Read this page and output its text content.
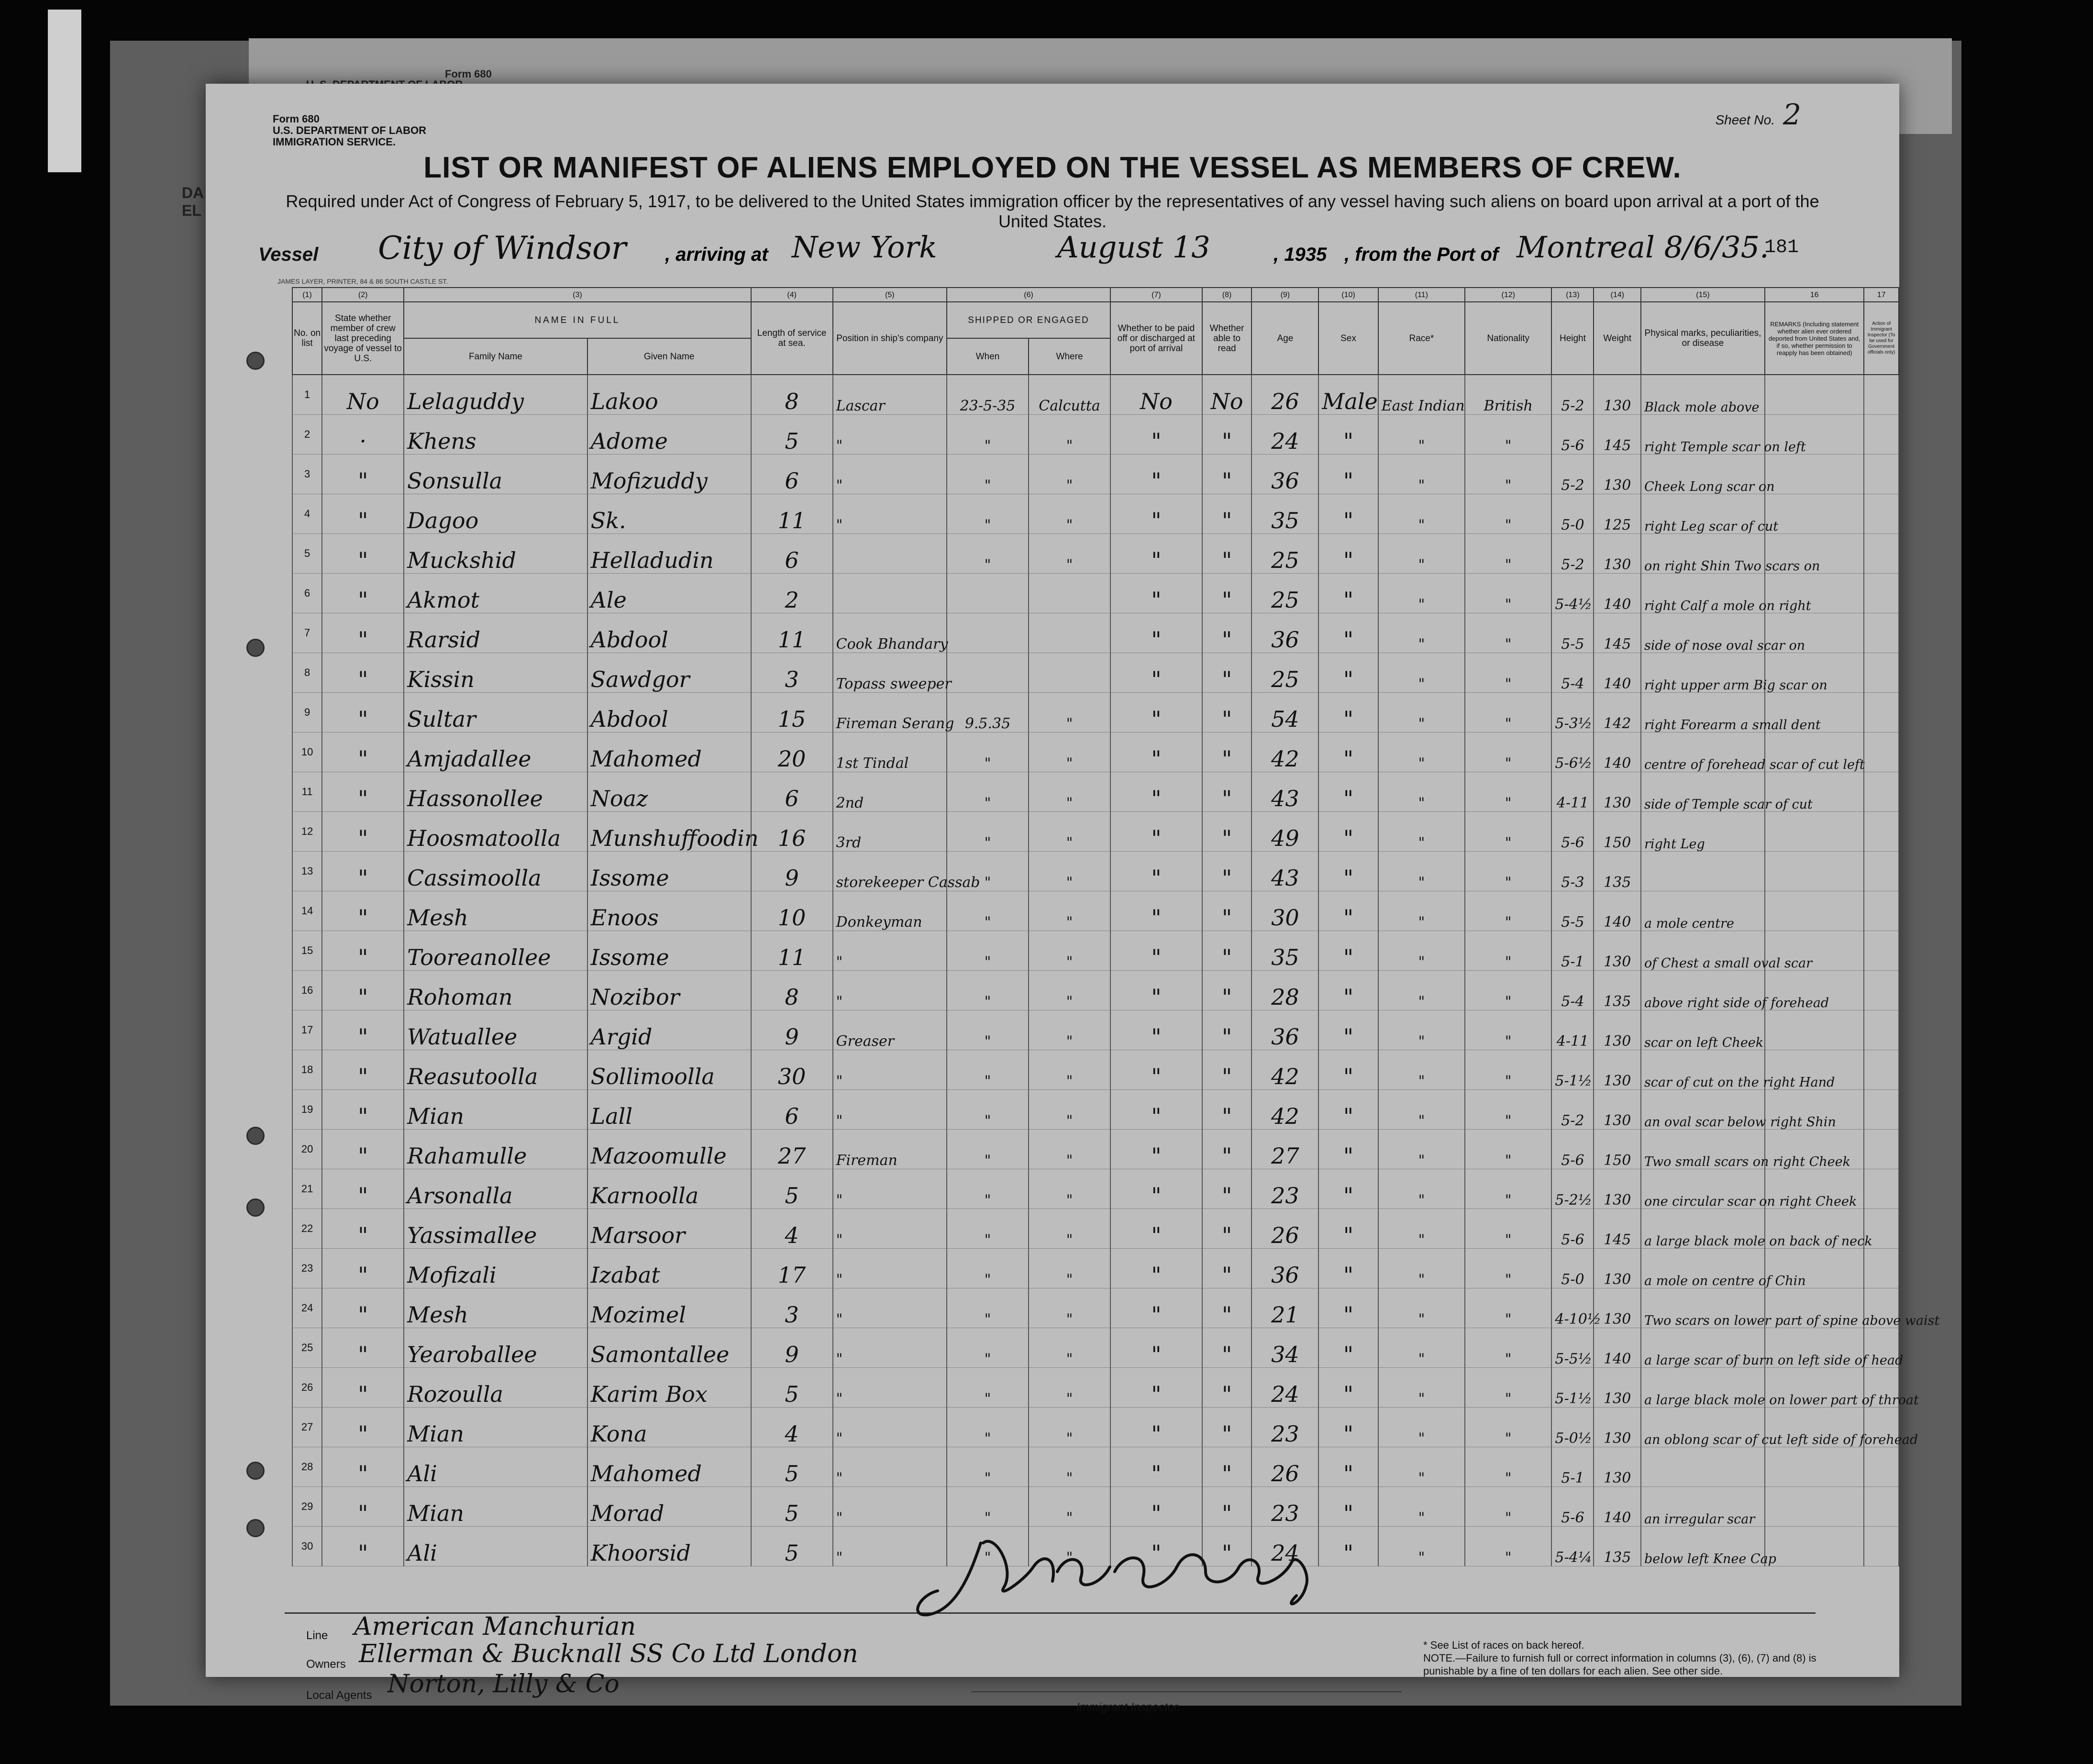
DA
EL
Form 680
Form 680
U.S. DEPARTMENT OF LABOR
IMMIGRATION SERVICE.
Sheet No. 2
LIST OR MANIFEST OF ALIENS EMPLOYED ON THE VESSEL AS MEMBERS OF CREW.
Required under Act of Congress of February 5, 1917, to be delivered to the United States immigration officer by the representatives of any vessel having such aliens on board upon arrival at a port of the United States.
Vessel City of Windsor , arriving at New York	August 13	, 1935 , from the Port of Montreal 8/6/35.
181
JAMES LAYER, PRINTER, 84 & 86 SOUTH CASTLE ST.
(1)	(2)	(3)		(4)	(5)	(6)		(7)	(8)	(9)	(10)	(11)	(12)	(13)	(14)	(15)	16	17
No. on list	State whether member of crew last preceding voyage of vessel to U.S.	NAME IN FULL		Length of service at sea.	Position in ship's company	SHIPPED OR ENGAGED		Whether to be paid off or discharged at port of arrival	Whether able to read	Age	Sex	Race*	Nationality	Height	Weight	Physical marks, peculiarities, or disease	REMARKS (Including statement whether alien ever ordered deported from United States and, if so, whether permission to reapply has been obtained)	Action of Immigrant Inspector (To be used for Government officials only)
		Family Name	Given Name			When	Where											
1	No	Lelaguddy	Lakoo	8	Lascar	23-5-35	Calcutta	No	No	26	Male	East Indian	British	5-2	130	Black mole above		
2	·	Khens	Adome	5	"	"	"	"	"	24	"	"	"	5-6	145	right Temple scar on left		
3	"	Sonsulla	Mofizuddy	6	"	"	"	"	"	36	"	"	"	5-2	130	Cheek Long scar on		
4	"	Dagoo	Sk.	11	"	"	"	"	"	35	"	"	"	5-0	125	right Leg scar of cut		
5	"	Muckshid	Helladudin	6		"	"	"	"	25	"	"	"	5-2	130	on right Shin Two scars on		
6	"	Akmot	Ale	2				"	"	25	"	"	"	5-4½	140	right Calf a mole on right		
7	"	Rarsid	Abdool	11	Cook Bhandary			"	"	36	"	"	"	5-5	145	side of nose oval scar on		
8	"	Kissin	Sawdgor	3	Topass sweeper			"	"	25	"	"	"	5-4	140	right upper arm Big scar on		
9	"	Sultar	Abdool	15	Fireman Serang	9.5.35	"	"	"	54	"	"	"	5-3½	142	right Forearm a small dent		
10	"	Amjadallee	Mahomed	20	1st Tindal	"	"	"	"	42	"	"	"	5-6½	140	centre of forehead scar of cut left		
11	"	Hassonollee	Noaz	6	2nd	"	"	"	"	43	"	"	"	4-11	130	side of Temple scar of cut		
12	"	Hoosmatoolla	Munshuffoodin	16	3rd	"	"	"	"	49	"	"	"	5-6	150	right Leg		
13	"	Cassimoolla	Issome	9	storekeeper Cassab	"	"	"	"	43	"	"	"	5-3	135			
14	"	Mesh	Enoos	10	Donkeyman	"	"	"	"	30	"	"	"	5-5	140	a mole centre		
15	"	Tooreanollee	Issome	11	"	"	"	"	"	35	"	"	"	5-1	130	of Chest a small oval scar		
16	"	Rohoman	Nozibor	8	"	"	"	"	"	28	"	"	"	5-4	135	above right side of forehead		
17	"	Watuallee	Argid	9	Greaser	"	"	"	"	36	"	"	"	4-11	130	scar on left Cheek		
18	"	Reasutoolla	Sollimoolla	30	"	"	"	"	"	42	"	"	"	5-1½	130	scar of cut on the right Hand		
19	"	Mian	Lall	6	"	"	"	"	"	42	"	"	"	5-2	130	an oval scar below right Shin		
20	"	Rahamulle	Mazoomulle	27	Fireman	"	"	"	"	27	"	"	"	5-6	150	Two small scars on right Cheek		
21	"	Arsonalla	Karnoolla	5	"	"	"	"	"	23	"	"	"	5-2½	130	one circular scar on right Cheek		
22	"	Yassimallee	Marsoor	4	"	"	"	"	"	26	"	"	"	5-6	145	a large black mole on back of neck		
23	"	Mofizali	Izabat	17	"	"	"	"	"	36	"	"	"	5-0	130	a mole on centre of Chin		
24	"	Mesh	Mozimel	3	"	"	"	"	"	21	"	"	"	4-10½	130	Two scars on lower part of spine above waist		
25	"	Yearoballee	Samontallee	9	"	"	"	"	"	34	"	"	"	5-5½	140	a large scar of burn on left side of head		
26	"	Rozoulla	Karim Box	5	"	"	"	"	"	24	"	"	"	5-1½	130	a large black mole on lower part of throat		
27	"	Mian	Kona	4	"	"	"	"	"	23	"	"	"	5-0½	130	an oblong scar of cut left side of forehead		
28	"	Ali	Mahomed	5	"	"	"	"	"	26	"	"	"	5-1	130			
29	"	Mian	Morad	5	"	"	"	"	"	23	"	"	"	5-6	140	an irregular scar		
30	"	Ali	Khoorsid	5	"	"	"	"	"	24	"	"	"	5-4¼	135	below left Knee Cap		
Line American Manchurian
Owners Ellerman & Bucknall SS Co Ltd London
Local Agents Norton, Lilly & Co
Immigrant Inspector.
* See List of races on back hereof.
NOTE.—Failure to furnish full or correct information in columns (3), (6), (7) and (8) is punishable by a fine of ten dollars for each alien. See other side.
